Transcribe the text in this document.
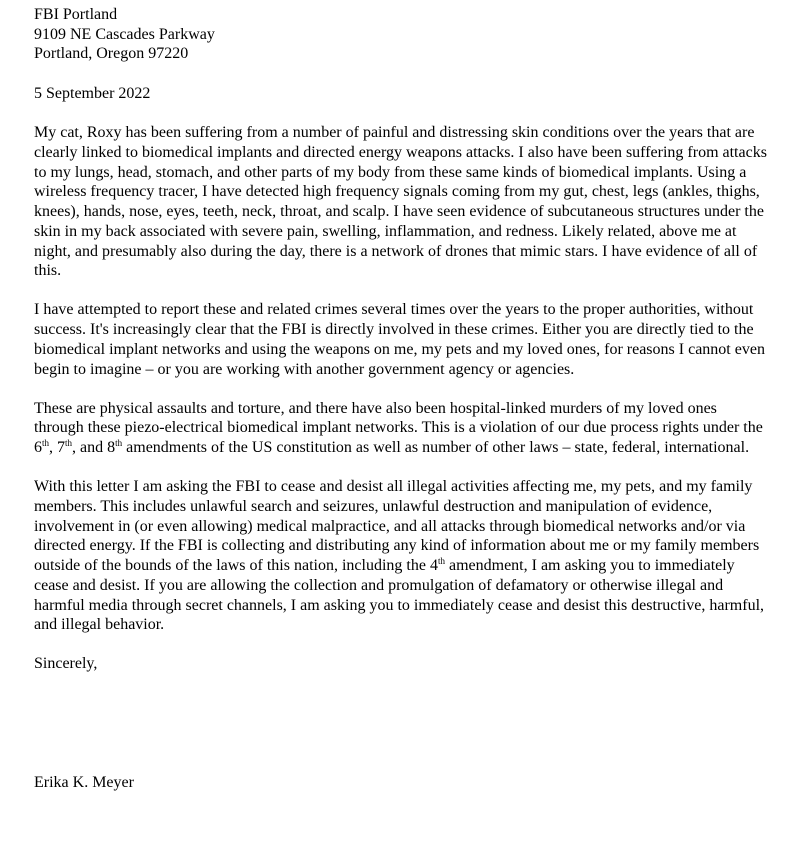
FBI Portland
9109 NE Cascades Parkway
Portland, Oregon 97220
5 September 2022

My cat, Roxy has been suffering from a number of painful and distressing skin conditions over the years that are clearly linked to biomedical implants and directed energy weapons attacks. I also have been suffering from attacks to my lungs, head, stomach, and other parts of my body from these same kinds of biomedical implants. Using a wireless frequency tracer, I have detected high frequency signals coming from my gut, chest, legs (ankles, thighs, knees), hands, nose, eyes, teeth, neck, throat, and scalp. I have seen evidence of subcutaneous structures under the skin in my back associated with severe pain, swelling, inflammation, and redness. Likely related, above me at night, and presumably also during the day, there is a network of drones that mimic stars. I have evidence of all of this.

I have attempted to report these and related crimes several times over the years to the proper authorities, without success. It's increasingly clear that the FBI is directly involved in these crimes. Either you are directly tied to the biomedical implant networks and using the weapons on me, my pets and my loved ones, for reasons I cannot even begin to imagine – or you are working with another government agency or agencies.

These are physical assaults and torture, and there have also been hospital-linked murders of my loved ones through these piezo-electrical biomedical implant networks. This is a violation of our due process rights under the 6th, 7th, and 8th amendments of the US constitution as well as number of other laws – state, federal, international.

With this letter I am asking the FBI to cease and desist all illegal activities affecting me, my pets, and my family members. This includes unlawful search and seizures, unlawful destruction and manipulation of evidence, involvement in (or even allowing) medical malpractice, and all attacks through biomedical networks and/or via directed energy. If the FBI is collecting and distributing any kind of information about me or my family members outside of the bounds of the laws of this nation, including the 4th amendment, I am asking you to immediately cease and desist. If you are allowing the collection and promulgation of defamatory or otherwise illegal and harmful media through secret channels, I am asking you to immediately cease and desist this destructive, harmful, and illegal behavior.

Sincerely,
Erika K. Meyer
